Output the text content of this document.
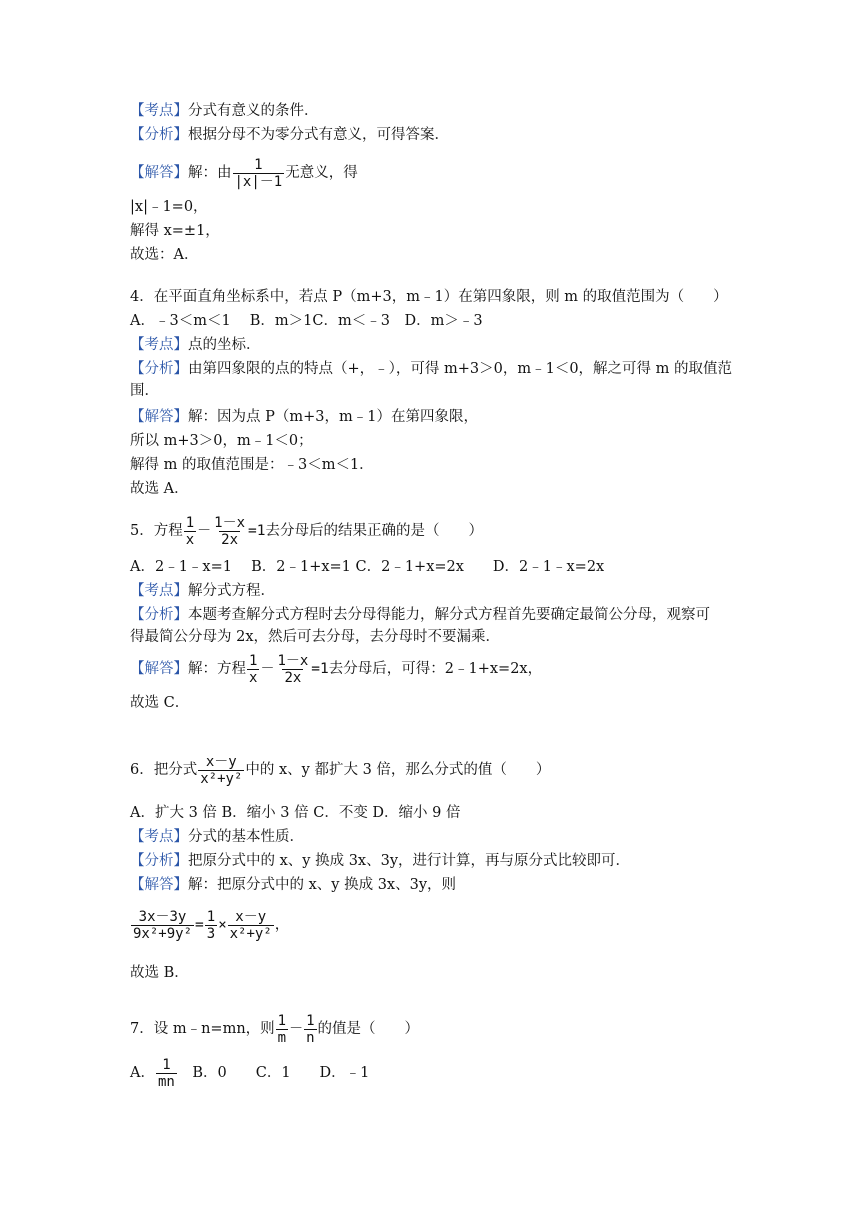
【考点】分式有意义的条件．
【分析】根据分母不为零分式有意义，可得答案．
【解答】解：由 $\frac{1}{|x|-1}$ 无意义，得
|x|﹣1=0，
解得 x=±1，
故选：A．
4．在平面直角坐标系中，若点 P（m+3，m﹣1）在第四象限，则 m 的取值范围为（　　）
A．﹣3＜m＜1　 B．m＞1C．m＜﹣3　D．m＞﹣3
【考点】点的坐标．
【分析】由第四象限的点的特点（+，﹣），可得 m+3＞0，m﹣1＜0，解之可得 m 的取值范
围．
【解答】解：因为点 P（m+3，m﹣1）在第四象限，
所以 m+3＞0，m﹣1＜0；
解得 m 的取值范围是：﹣3＜m＜1．
故选 A．
5．方程 $\frac{1}{x} - \frac{1-x}{2x} =1$去分母后的结果正确的是（　　）
A．2﹣1﹣x=1　 B．2﹣1+x=1 C．2﹣1+x=2x　　D．2﹣1﹣x=2x
【考点】解分式方程．
【分析】本题考查解分式方程时去分母得能力，解分式方程首先要确定最简公分母，观察可
得最简公分母为 2x，然后可去分母，去分母时不要漏乘．
【解答】解：方程 $\frac{1}{x} - \frac{1-x}{2x} =1$去分母后，可得：2﹣1+x=2x，
故选 C．
6．把分式 $\frac{x-y}{\text{x²+y²}}$ 中的 x、y 都扩大 3 倍，那么分式的值（　　）
A．扩大 3 倍 B．缩小 3 倍 C．不变 D．缩小 9 倍
【考点】分式的基本性质．
【分析】把原分式中的 x、y 换成 3x、3y，进行计算，再与原分式比较即可．
【解答】解：把原分式中的 x、y 换成 3x、3y，则
$\frac{3x-3y}{\text{9x²+9y²}} = \frac{1}{3} \times \frac{x-y}{\text{x²+y²}}$ ，
故选 B．
7．设 m﹣n=mn，则 $\frac{1}{m} - \frac{1}{n}$ 的值是（　　）
A． $\frac{1}{mn}$ 　B．0　　C．1　　D．﹣1
